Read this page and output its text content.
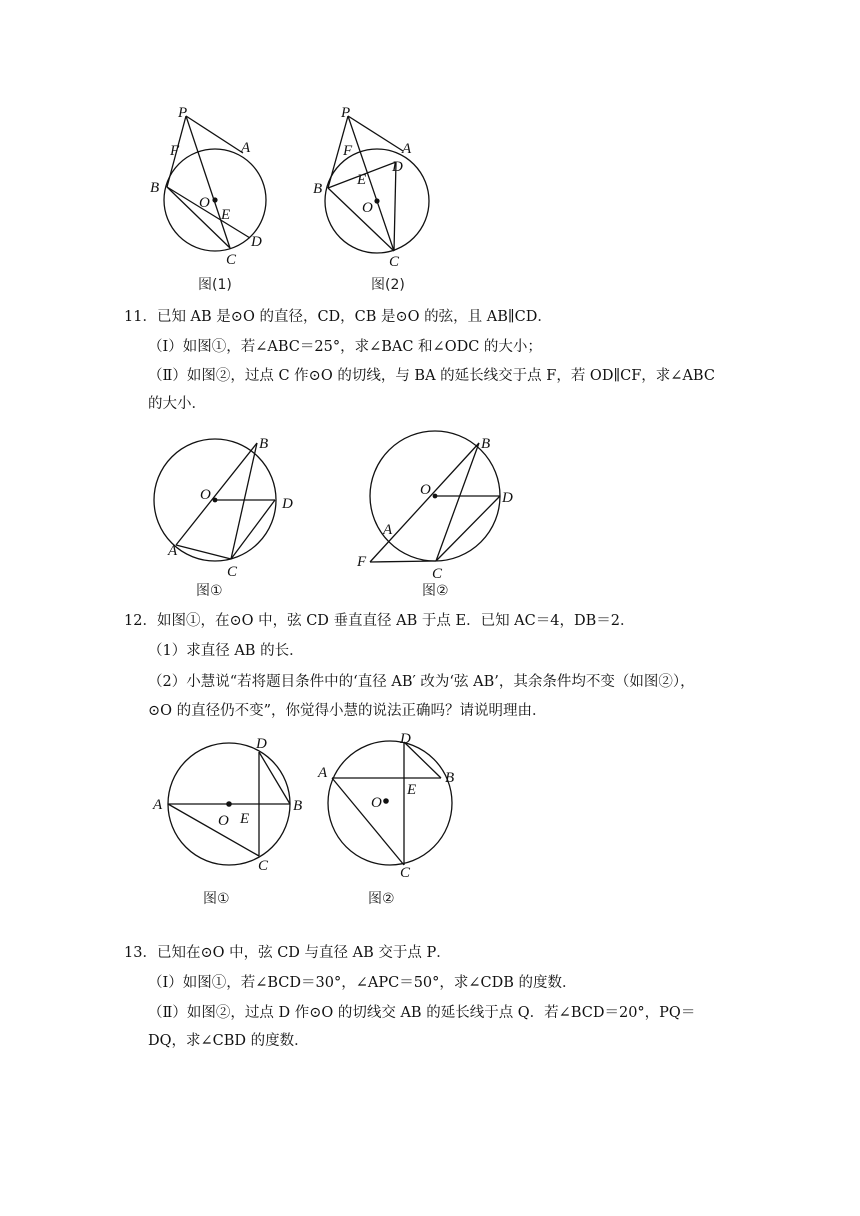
P
F	A
B
O
E
D
C
图(1)
P
F	A
B
E
D
O
C
图(2)
11．已知 AB 是⊙O 的直径，CD，CB 是⊙O 的弦，且 AB∥CD．
（Ⅰ）如图①，若∠ABC＝25°，求∠BAC 和∠ODC 的大小；
（Ⅱ）如图②，过点 C 作⊙O 的切线，与 BA 的延长线交于点 F，若 OD∥CF，求∠ABC
的大小．
B
O
D
A
C
图①
B
O	D
A
F
C
图②
12．如图①，在⊙O 中，弦 CD 垂直直径 AB 于点 E．已知 AC＝4，DB＝2．
（1）求直径 AB 的长．
（2）小慧说“若将题目条件中的‘直径 AB′ 改为‘弦 AB’，其余条件均不变（如图②），
⊙O 的直径仍不变”，你觉得小慧的说法正确吗？请说明理由．
D
A	B
O E
C
图①
D
A	B
E
O
C
图②
13．已知在⊙O 中，弦 CD 与直径 AB 交于点 P．
（Ⅰ）如图①，若∠BCD＝30°，∠APC＝50°，求∠CDB 的度数．
（Ⅱ）如图②，过点 D 作⊙O 的切线交 AB 的延长线于点 Q．若∠BCD＝20°，PQ＝
DQ，求∠CBD 的度数．
